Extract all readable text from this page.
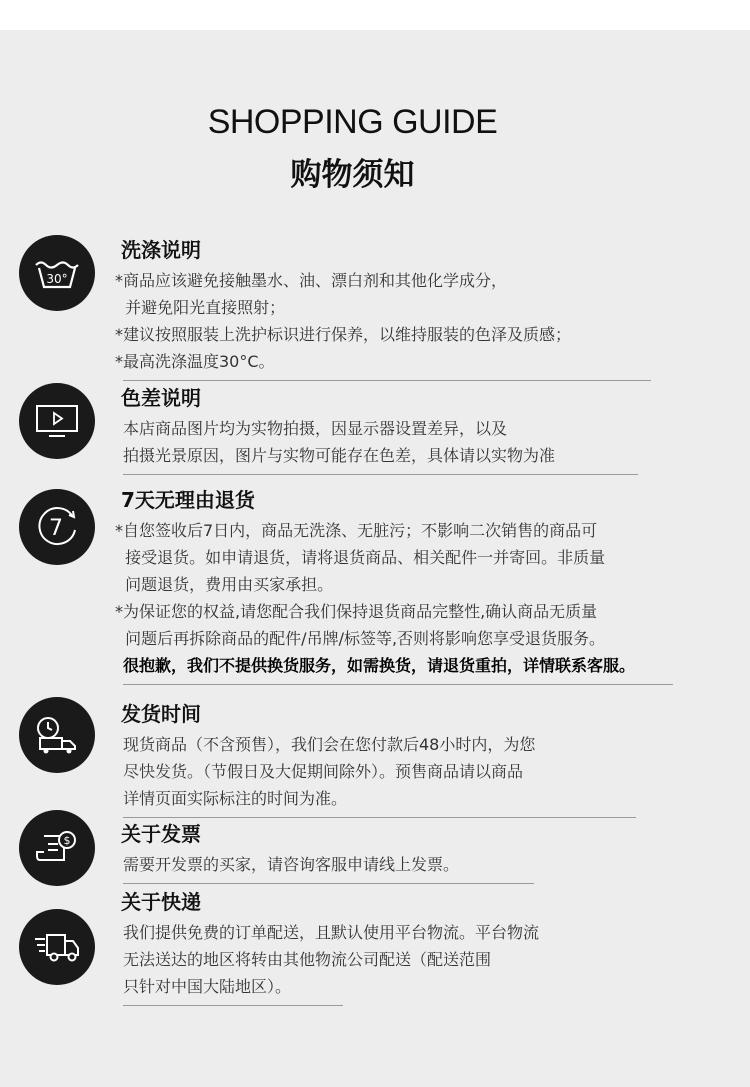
SHOPPING GUIDE
购物须知
30°
7
$
洗涤说明

*商品应该避免接触墨水、油、漂白剂和其他化学成分，

并避免阳光直接照射；

*建议按照服装上洗护标识进行保养，以维持服装的色泽及质感；

*最高洗涤温度30°C。

色差说明

本店商品图片均为实物拍摄，因显示器设置差异，以及

拍摄光景原因，图片与实物可能存在色差，具体请以实物为准

7天无理由退货

*自您签收后7日内，商品无洗涤、无脏污；不影响二次销售的商品可

接受退货。如申请退货，请将退货商品、相关配件一并寄回。非质量

问题退货，费用由买家承担。

*为保证您的权益,请您配合我们保持退货商品完整性,确认商品无质量

问题后再拆除商品的配件/吊牌/标签等,否则将影响您享受退货服务。

很抱歉，我们不提供换货服务，如需换货，请退货重拍，详情联系客服。

发货时间

现货商品（不含预售），我们会在您付款后48小时内，为您

尽快发货。（节假日及大促期间除外）。预售商品请以商品

详情页面实际标注的时间为准。

关于发票

需要开发票的买家，请咨询客服申请线上发票。

关于快递

我们提供免费的订单配送，且默认使用平台物流。平台物流

无法送达的地区将转由其他物流公司配送（配送范围

只针对中国大陆地区）。
